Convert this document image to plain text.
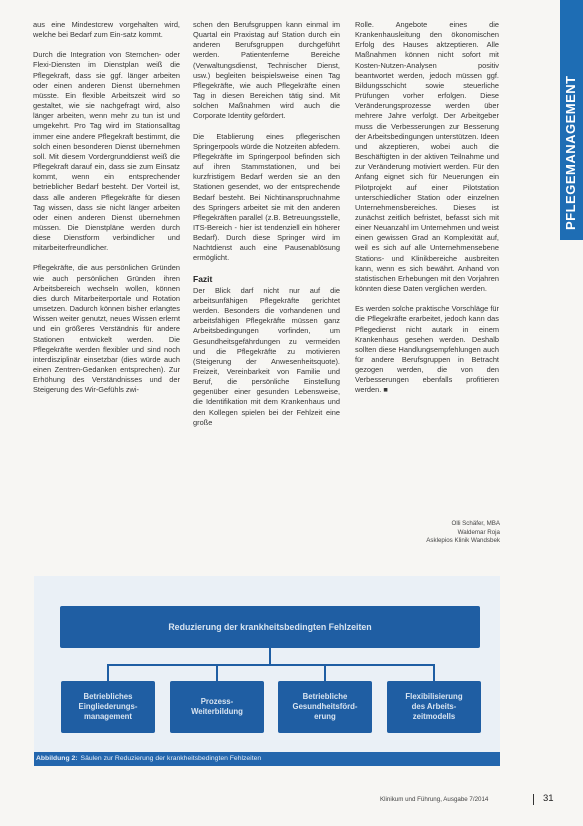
PFLEGEMANAGEMENT

aus eine Mindestcrew vorgehalten wird, welche bei Bedarf zum Ein-satz kommt.

Durch die Integration von Sternchen- oder Flexi-Diensten im Dienstplan weiß die Pflegekraft, dass sie ggf. länger arbeiten oder einen anderen Dienst übernehmen müsste. Ein flexible Arbeitszeit wird so gestaltet, wie sie nachgefragt wird, also länger arbeiten, wenn mehr zu tun ist und umgekehrt. Pro Tag wird im Stationsalltag immer eine andere Pflegekraft bestimmt, die solch einen besonderen Dienst übernehmen soll. Mit diesem Vordergrunddienst weiß die Pflegekraft darauf ein, dass sie zum Einsatz kommt, wenn ein entsprechender betrieblicher Bedarf besteht. Der Vorteil ist, dass alle anderen Pflegekräfte für diesen Tag wissen, dass sie nicht länger arbeiten oder einen anderen Dienst übernehmen müssen. Die Dienstpläne werden durch diese Dienstform verbindlicher und mitarbeiterfreundlicher.

Pflegekräfte, die aus persönlichen Gründen wie auch persönlichen Gründen ihren Arbeitsbereich wechseln wollen, können dies durch Mitarbeiterportale und Rotation umsetzen. Dadurch können bisher erlangtes Wissen weiter genutzt, neues Wissen erlernt und ein größeres Verständnis für andere Stationen entwickelt werden. Die Pflegekräfte werden flexibler und sind noch interdisziplinär einsetzbar (dies würde auch einen Zentren-Gedanken entsprechen). Zur Erhöhung des Verständnisses und der Steigerung des Wir-Gefühls zwi-

schen den Berufsgruppen kann einmal im Quartal ein Praxistag auf Station durch ein anderen Berufsgruppen durchgeführt werden. Patientenferne Bereiche (Verwaltungsdienst, Technischer Dienst, usw.) begleiten beispielsweise einen Tag Pflegekräfte, wie auch Pflegekräfte einen Tag in diesen Bereichen tätig sind. Mit solchen Maßnahmen wird auch die Corporate Identity gefördert.

Die Etablierung eines pflegerischen Springerpools würde die Notzeiten abfedern. Pflegekräfte im Springerpool befinden sich auf ihren Stammstationen, und bei kurzfristigem Bedarf werden sie an den Stationen gesendet, wo der entsprechende Bedarf besteht. Bei Nichtinanspruchnahme des Springers arbeitet sie mit den anderen Pflegekräften parallel (z.B. Betreuungsstelle, ITS-Bereich - hier ist tendenziell ein höherer Bedarf). Durch diese Springer wird im Nachtdienst auch eine Pausenablösung ermöglicht.

Fazit

Der Blick darf nicht nur auf die arbeitsunfähigen Pflegekräfte gerichtet werden. Besonders die vorhandenen und arbeitsfähigen Pflegekräfte müssen ganz Arbeitsbedingungen vorfinden, um Gesundheitsgefährdungen zu vermeiden und die Pflegekräfte zu motivieren (Steigerung der Anwesenheitsquote). Freizeit, Vereinbarkeit von Familie und Beruf, die persönliche Einstellung gegenüber einer gesunden Lebensweise, die Identifikation mit dem Krankenhaus und den Kollegen spielen bei der Fehlzeit eine große

Rolle. Angebote eines die Krankenhausleitung den ökonomischen Erfolg des Hauses aktzeptieren. Alle Maßnahmen können nicht sofort mit Kosten-Nutzen-Analysen positiv beantwortet werden, jedoch müssen ggf. Bildungsschicht sowie steuerliche Prüfungen vorher erfolgen. Diese Veränderungsprozesse werden über mehrere Jahre verfolgt. Der Arbeitgeber muss die Verbesserungen zur Besserung der Arbeitsbedingungen unterstützen. Ideen und akzeptieren, wobei auch die Beschäftigten in der aktiven Teilnahme und zur Veränderung motiviert werden. Für den Anfang eignet sich für Neuerungen ein Pilotprojekt auf einer Pilotstation unterschiedlicher Station oder einzelnen Unternehmensbereiches. Dieses ist zunächst zeitlich befristet, befasst sich mit einer Neuanzahl im Unternehmen und weist einen gewissen Grad an Komplexität auf, weil es sich auf alle Unternehmensebene Stations- und Klinikbereiche ausbreiten kann, wenn es sich bewährt. Anhand von statistischen Erhebungen mit den Vorjahren könnten diese Daten verglichen werden.

Es werden solche praktische Vorschläge für die Pflegekräfte erarbeitet, jedoch kann das Pflegedienst nicht autark in einem Krankenhaus gesehen werden. Deshalb sollten diese Handlungsempfehlungen auch für andere Berufsgruppen in Betracht gezogen werden, die von den Verbesserungen ebenfalls profitieren werden. ■

Olli Schäfer, MBA
Waldemar Roja
Asklepios Klinik Wandsbek
Reduzierung der krankheitsbedingten Fehlzeiten
Betriebliches
Eingliederungs-
management
Prozess-
Weiterbildung
Betriebliche
Gesundheitsförd-
erung
Flexibilisierung
des Arbeits-
zeitmodells
Abbildung 2: Säulen zur Reduzierung der krankheitsbedingten Fehlzeiten
Klinikum und Führung, Ausgabe 7/2014	31
